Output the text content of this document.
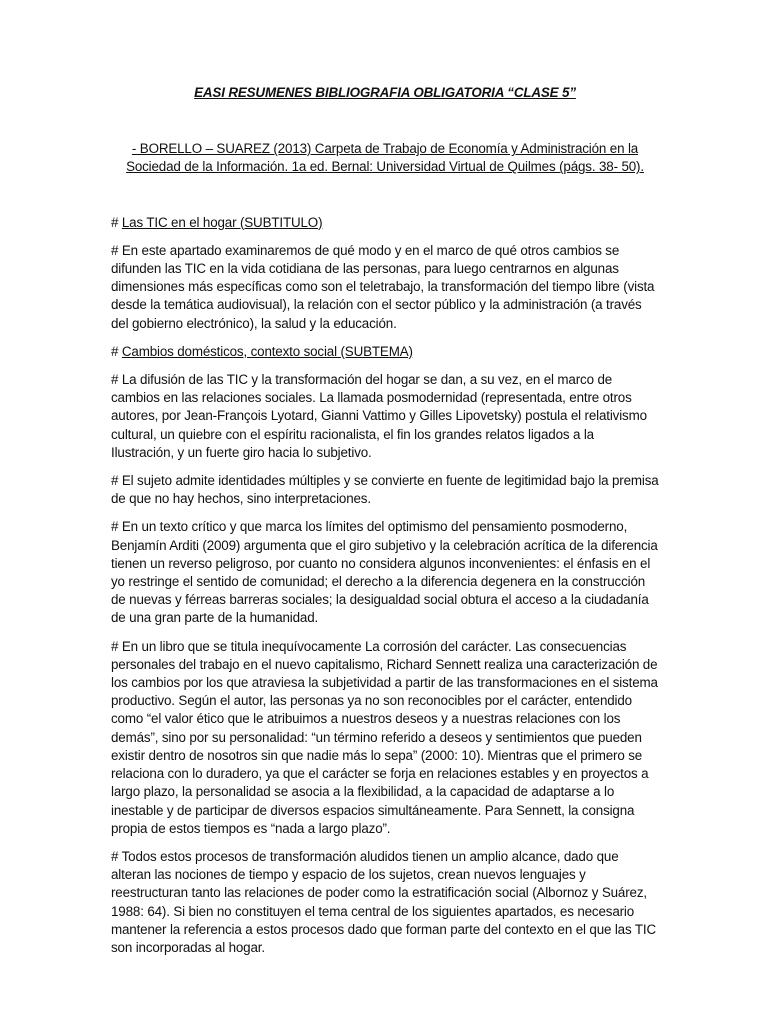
EASI RESUMENES BIBLIOGRAFIA OBLIGATORIA “CLASE 5”

- BORELLO – SUAREZ (2013) Carpeta de Trabajo de Economía y Administración en la Sociedad de la Información. 1a ed. Bernal: Universidad Virtual de Quilmes (págs. 38- 50).

# Las TIC en el hogar (SUBTITULO)

# En este apartado examinaremos de qué modo y en el marco de qué otros cambios se difunden las TIC en la vida cotidiana de las personas, para luego centrarnos en algunas dimensiones más específicas como son el teletrabajo, la transformación del tiempo libre (vista desde la temática audiovisual), la relación con el sector público y la administración (a través del gobierno electrónico), la salud y la educación.

# Cambios domésticos, contexto social (SUBTEMA)

# La difusión de las TIC y la transformación del hogar se dan, a su vez, en el marco de cambios en las relaciones sociales. La llamada posmodernidad (representada, entre otros autores, por Jean-François Lyotard, Gianni Vattimo y Gilles Lipovetsky) postula el relativismo cultural, un quiebre con el espíritu racionalista, el fin los grandes relatos ligados a la Ilustración, y un fuerte giro hacia lo subjetivo.

# El sujeto admite identidades múltiples y se convierte en fuente de legitimidad bajo la premisa de que no hay hechos, sino interpretaciones.

# En un texto crítico y que marca los límites del optimismo del pensamiento posmoderno, Benjamín Arditi (2009) argumenta que el giro subjetivo y la celebración acrítica de la diferencia tienen un reverso peligroso, por cuanto no considera algunos inconvenientes: el énfasis en el yo restringe el sentido de comunidad; el derecho a la diferencia degenera en la construcción de nuevas y férreas barreras sociales; la desigualdad social obtura el acceso a la ciudadanía de una gran parte de la humanidad.

# En un libro que se titula inequívocamente La corrosión del carácter. Las consecuencias personales del trabajo en el nuevo capitalismo, Richard Sennett realiza una caracterización de los cambios por los que atraviesa la subjetividad a partir de las transformaciones en el sistema productivo. Según el autor, las personas ya no son reconocibles por el carácter, entendido como “el valor ético que le atribuimos a nuestros deseos y a nuestras relaciones con los demás”, sino por su personalidad: “un término referido a deseos y sentimientos que pueden existir dentro de nosotros sin que nadie más lo sepa” (2000: 10). Mientras que el primero se relaciona con lo duradero, ya que el carácter se forja en relaciones estables y en proyectos a largo plazo, la personalidad se asocia a la flexibilidad, a la capacidad de adaptarse a lo inestable y de participar de diversos espacios simultáneamente. Para Sennett, la consigna propia de estos tiempos es “nada a largo plazo”.

# Todos estos procesos de transformación aludidos tienen un amplio alcance, dado que alteran las nociones de tiempo y espacio de los sujetos, crean nuevos lenguajes y reestructuran tanto las relaciones de poder como la estratificación social (Albornoz y Suárez, 1988: 64). Si bien no constituyen el tema central de los siguientes apartados, es necesario mantener la referencia a estos procesos dado que forman parte del contexto en el que las TIC son incorporadas al hogar.
